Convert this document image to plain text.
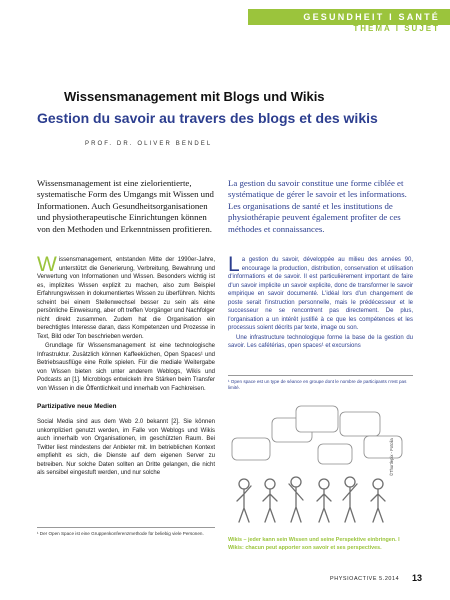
GESUNDHEIT I SANTÉ
THEMA I SUJET
Wissensmanagement mit Blogs und Wikis
Gestion du savoir au travers des blogs et des wikis
PROF. DR. OLIVER BENDEL

Wissensmanagement ist eine zielorientierte, systematische Form des Umgangs mit Wissen und Informationen. Auch Gesundheitsorganisationen und physiotherapeutische Einrichtungen können von den Methoden und Erkenntnissen profitieren.

La gestion du savoir constitue une forme ciblée et systématique de gérer le savoir et les informations. Les organisations de santé et les institutions de physiothérapie peuvent également profiter de ces méthodes et connaissances.

Wissensmanagement, entstanden Mitte der 1990er-Jahre, unterstützt die Generierung, Verbreitung, Bewahrung und Verwertung von Informationen und Wissen. Besonders wichtig ist es, implizites Wissen explizit zu machen, also zum Beispiel Erfahrungswissen in dokumentiertes Wissen zu überführen. Nichts scheint bei einem Stellenwechsel besser zu sein als eine persönliche Einweisung, aber oft treffen Vorgänger und Nachfolger nicht direkt zusammen. Zudem hat die Organisation ein berechtigtes Interesse daran, dass Kompetenzen und Prozesse in Text, Bild oder Ton beschrieben werden.

Grundlage für Wissensmanagement ist eine technologische Infrastruktur. Zusätzlich können Kaffeeküchen, Open Spaces¹ und Betriebsausflüge eine Rolle spielen. Für die mediale Weitergabe von Wissen bieten sich unter anderem Weblogs, Wikis und Podcasts an [1]. Microblogs entwickeln ihre Stärken beim Transfer von Wissen in die Öffentlichkeit und innerhalb von Fachkreisen.

Partizipative neue Medien

Social Media sind aus dem Web 2.0 bekannt [2]. Sie können unkompliziert genutzt werden, im Falle von Weblogs und Wikis auch innerhalb von Organisationen, im geschützten Raum. Bei Twitter liest mindestens der Anbieter mit. Im betrieblichen Kontext empfiehlt es sich, die Dienste auf dem eigenen Server zu betreiben. Nur solche Daten sollten an Dritte gelangen, die nicht als sensibel eingestuft werden, und nur solche

¹ Der Open Space ist eine Gruppenkonferenzmethode für beliebig viele Personen.

La gestion du savoir, développée au milieu des années 90, encourage la production, distribution, conservation et utilisation d'informations et de savoir. Il est particulièrement important de faire d'un savoir implicite un savoir explicite, donc de transformer le savoir empirique en savoir documenté. L'idéal lors d'un changement de poste serait l'instruction personnelle, mais le prédécesseur et le successeur ne se rencontrent pas directement. De plus, l'organisation a un intérêt justifié à ce que les compétences et les processus soient décrits par texte, image ou son.

Une infrastructure technologique forme la base de la gestion du savoir. Les cafétérias, open spaces¹ et excursions

¹ Open space est un type de séance en groupe dont le nombre de participants n'est pas limité.
©Thurtlepix - Fotolia
Wikis – jeder kann sein Wissen und seine Perspektive einbringen. I
Wikis: chacun peut apporter son savoir et ses perspectives.
PHYSIOACTIVE 5.2014 13
